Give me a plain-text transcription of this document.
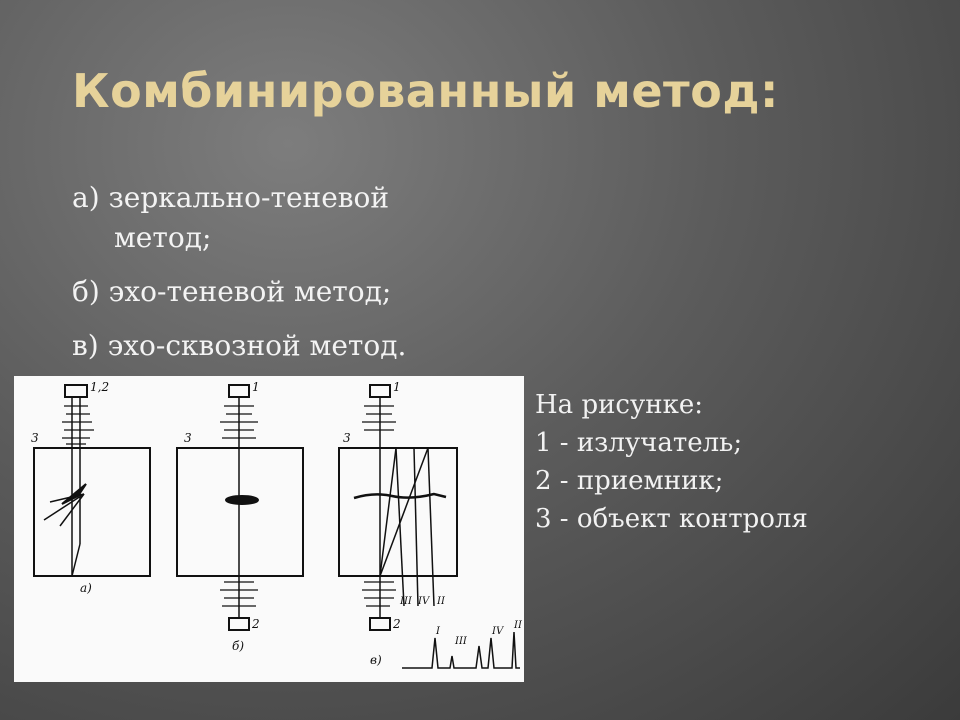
Комбинированный метод:
а) зеркально-теневой
метод;
б) эхо-теневой метод;
в) эхо-сквозной метод.
1,2
3
а)
1
2
3
б)
1
2
3
в)
III IV II
I
III
IV
II
На рисунке:
1 - излучатель;
2 - приемник;
3 - объект контроля
